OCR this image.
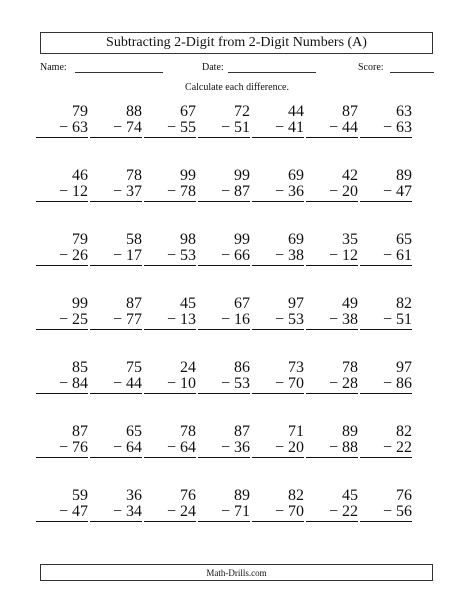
Subtracting 2-Digit from 2-Digit Numbers (A)
Name:	Date:	Score:
Calculate each difference.
79
− 63
88
− 74
67
− 55
72
− 51
44
− 41
87
− 44
63
− 63
46
− 12
78
− 37
99
− 78
99
− 87
69
− 36
42
− 20
89
− 47
79
− 26
58
− 17
98
− 53
99
− 66
69
− 38
35
− 12
65
− 61
99
− 25
87
− 77
45
− 13
67
− 16
97
− 53
49
− 38
82
− 51
85
− 84
75
− 44
24
− 10
86
− 53
73
− 70
78
− 28
97
− 86
87
− 76
65
− 64
78
− 64
87
− 36
71
− 20
89
− 88
82
− 22
59
− 47
36
− 34
76
− 24
89
− 71
82
− 70
45
− 22
76
− 56
Math-Drills.com
